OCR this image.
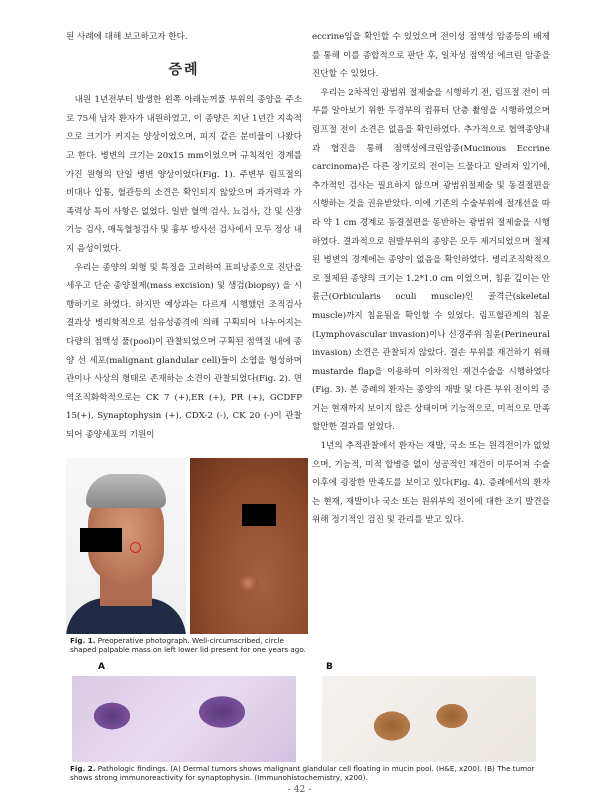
된 사례에 대해 보고하고자 한다.

증례

내원 1년전부터 발생한 왼쪽 아래눈꺼풀 부위의 종양을 주소로 75세 남자 환자가 내원하였고, 이 종양은 지난 1년간 지속적으로 크기가 커지는 양상이었으며, 피지 같은 분비물이 나왔다고 한다. 병변의 크기는 20x15 mm이었으며 규칙적인 경계를 가진 원형의 단일 병변 양상이었다(Fig. 1). 주변부 림프절의 비대나 압통, 혈관등의 소견은 확인되지 않았으며 과거력과 가족력상 특이 사항은 없었다. 일반 혈액 검사, 뇨검사, 간 및 신장기능 검사, 매독혈청검사 및 흉부 방사선 검사에서 모두 정상 내지 음성이었다.

우리는 종양의 외형 및 특징을 고려하여 표피낭종으로 진단을 세우고 단순 종양절제(mass excision) 및 생검(biopsy) 을 시행하기로 하였다. 하지만 예상과는 다르게 시행했던 조직검사 결과상 병리학적으로 섬유성종격에 의해 구획되어 나누어지는 다량의 점액성 풀(pool)이 관찰되었으며 구획된 점액질 내에 종양 선 세포(malignant glandular cell)들이 소엽을 형성하며 관이나 사상의 형태로 존재하는 소견이 관찰되었다(Fig. 2). 면역조직화학적으로는 CK 7 (+),ER (+), PR (+), GCDFP 15(+), Synaptophysin (+), CDX-2 (-), CK 20 (-)이 관찰되어 종양세포의 기원이

eccrine임을 확인할 수 있었으며 전이성 점액성 암종등의 배제를 통해 이를 종합적으로 판단 후, 일차성 점액성 에크린 암종을 진단할 수 있었다.

우리는 2차적인 광범위 절제술을 시행하기 전, 림프절 전이 여부를 알아보기 위한 두경부의 컴퓨터 단층 촬영을 시행하였으며 림프절 전이 소견은 없음을 확인하였다. 추가적으로 협액종양내과 협진을 통해 점액성에크린암종(Mucinous Eccrine carcinoma)은 다른 장기로의 전이는 드물다고 알려져 있기에, 추가적인 검사는 필요하지 않으며 광범위절제술 및 동결절편을 시행하는 것을 권유받았다. 이에 기존의 수술부위에 절개선을 따라 약 1 cm 경계로 동결절편을 동반하는 광범위 절제술을 시행하였다. 결과적으로 원발부위의 종양은 모두 제거되었으며 절제된 병변의 경계에는 종양이 없음을 확인하였다. 병리조직학적으로 절제된 종양의 크기는 1.2*1.0 cm 이었으며, 침윤 깊이는 안륜근(Orbicularis oculi muscle)인 골격근(skeletal muscle)까지 침윤됨을 확인할 수 있었다. 림프혈관계의 침윤(Lymphovascular invasion)이나 신경주위 침윤(Perineural invasion) 소견은 관찰되지 않았다. 결손 부위를 재건하기 위해 mustarde flap을 이용하여 이차적인 재건수술을 시행하였다(Fig. 3). 본 증례의 환자는 종양의 재발 및 다른 부위 전이의 증거는 현재까지 보이지 않은 상태이며 기능적으로, 미적으로 만족할만한 결과를 얻었다.

1년의 추적관찰에서 환자는 재발, 국소 또는 원격전이가 없었으며, 기능적, 미적 합병증 없이 성공적인 재건이 이루어져 수술 이후에 굉장한 만족도를 보이고 있다(Fig. 4). 증례에서의 환자는 현재, 재발이나 국소 또는 원위부의 전이에 대한 조기 발견을 위해 정기적인 검진 및 관리를 받고 있다.

Fig. 1. Preoperative photograph. Well-circumscribed, circle shaped palpable mass on left lower lid present for one years ago.
A	B
Fig. 2. Pathologic findings. (A) Dermal tumors shows malignant glandular cell floating in mucin pool. (H&E, x200). (B) The tumor shows strong immunoreactivity for synaptophysin. (Immunohistochemistry, x200).
- 42 -
